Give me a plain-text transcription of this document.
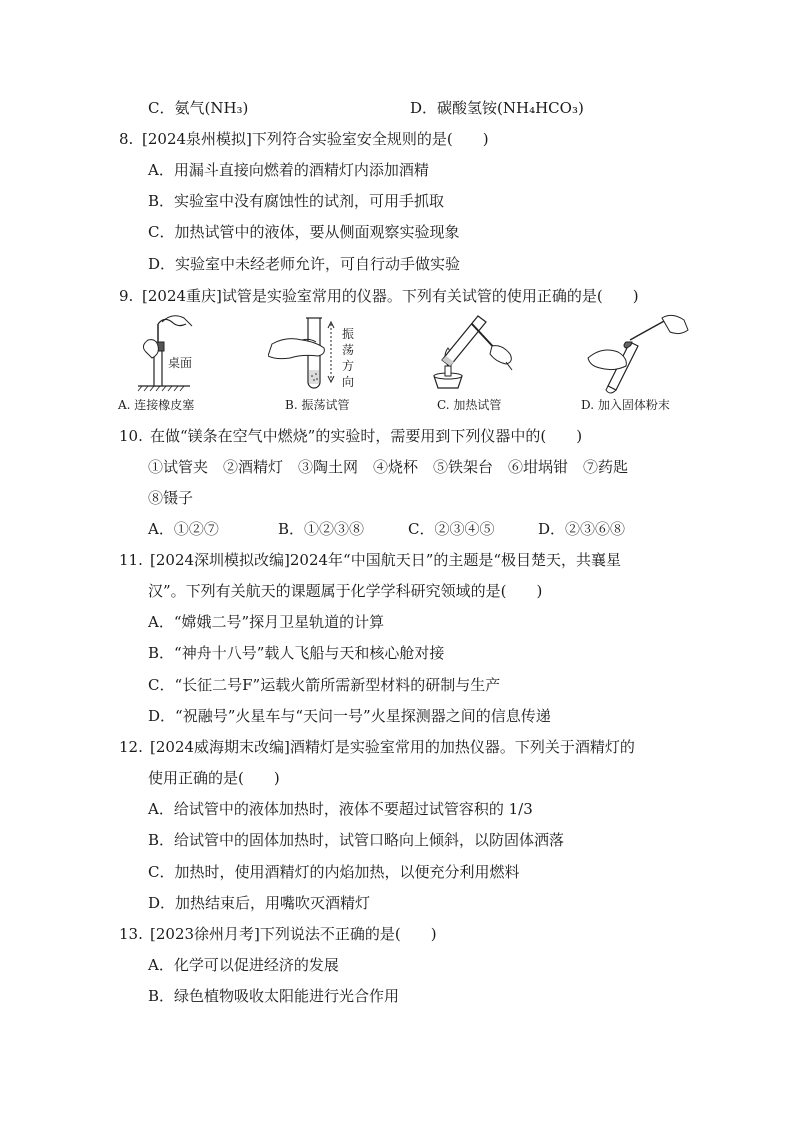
C．氨气(NH₃)	D．碳酸氢铵(NH₄HCO₃)
8. [2024泉州模拟]下列符合实验室安全规则的是(　　)
A．用漏斗直接向燃着的酒精灯内添加酒精
B．实验室中没有腐蚀性的试剂，可用手抓取
C．加热试管中的液体，要从侧面观察实验现象
D．实验室中未经老师允许，可自行动手做实验
9. [2024重庆]试管是实验室常用的仪器。下列有关试管的使用正确的是(　　)
桌面
A. 连接橡皮塞
振荡方向
B. 振荡试管	C. 加热试管	D. 加入固体粉末
10. 在做“镁条在空气中燃烧”的实验时，需要用到下列仪器中的(　　)
①试管夹　②酒精灯　③陶土网　④烧杯　⑤铁架台　⑥坩埚钳　⑦药匙
⑧镊子
A．①②⑦	B．①②③⑧	C．②③④⑤	D．②③⑥⑧
11. [2024深圳模拟改编]2024年“中国航天日”的主题是“极目楚天，共襄星
汉”。下列有关航天的课题属于化学学科研究领域的是(　　)
A．“嫦娥二号”探月卫星轨道的计算
B．“神舟十八号”载人飞船与天和核心舱对接
C．“长征二号F”运载火箭所需新型材料的研制与生产
D．“祝融号”火星车与“天问一号”火星探测器之间的信息传递
12. [2024威海期末改编]酒精灯是实验室常用的加热仪器。下列关于酒精灯的
使用正确的是(　　)
A．给试管中的液体加热时，液体不要超过试管容积的 1/3
B．给试管中的固体加热时，试管口略向上倾斜，以防固体洒落
C．加热时，使用酒精灯的内焰加热，以便充分利用燃料
D．加热结束后，用嘴吹灭酒精灯
13. [2023徐州月考]下列说法不正确的是(　　)
A．化学可以促进经济的发展
B．绿色植物吸收太阳能进行光合作用
